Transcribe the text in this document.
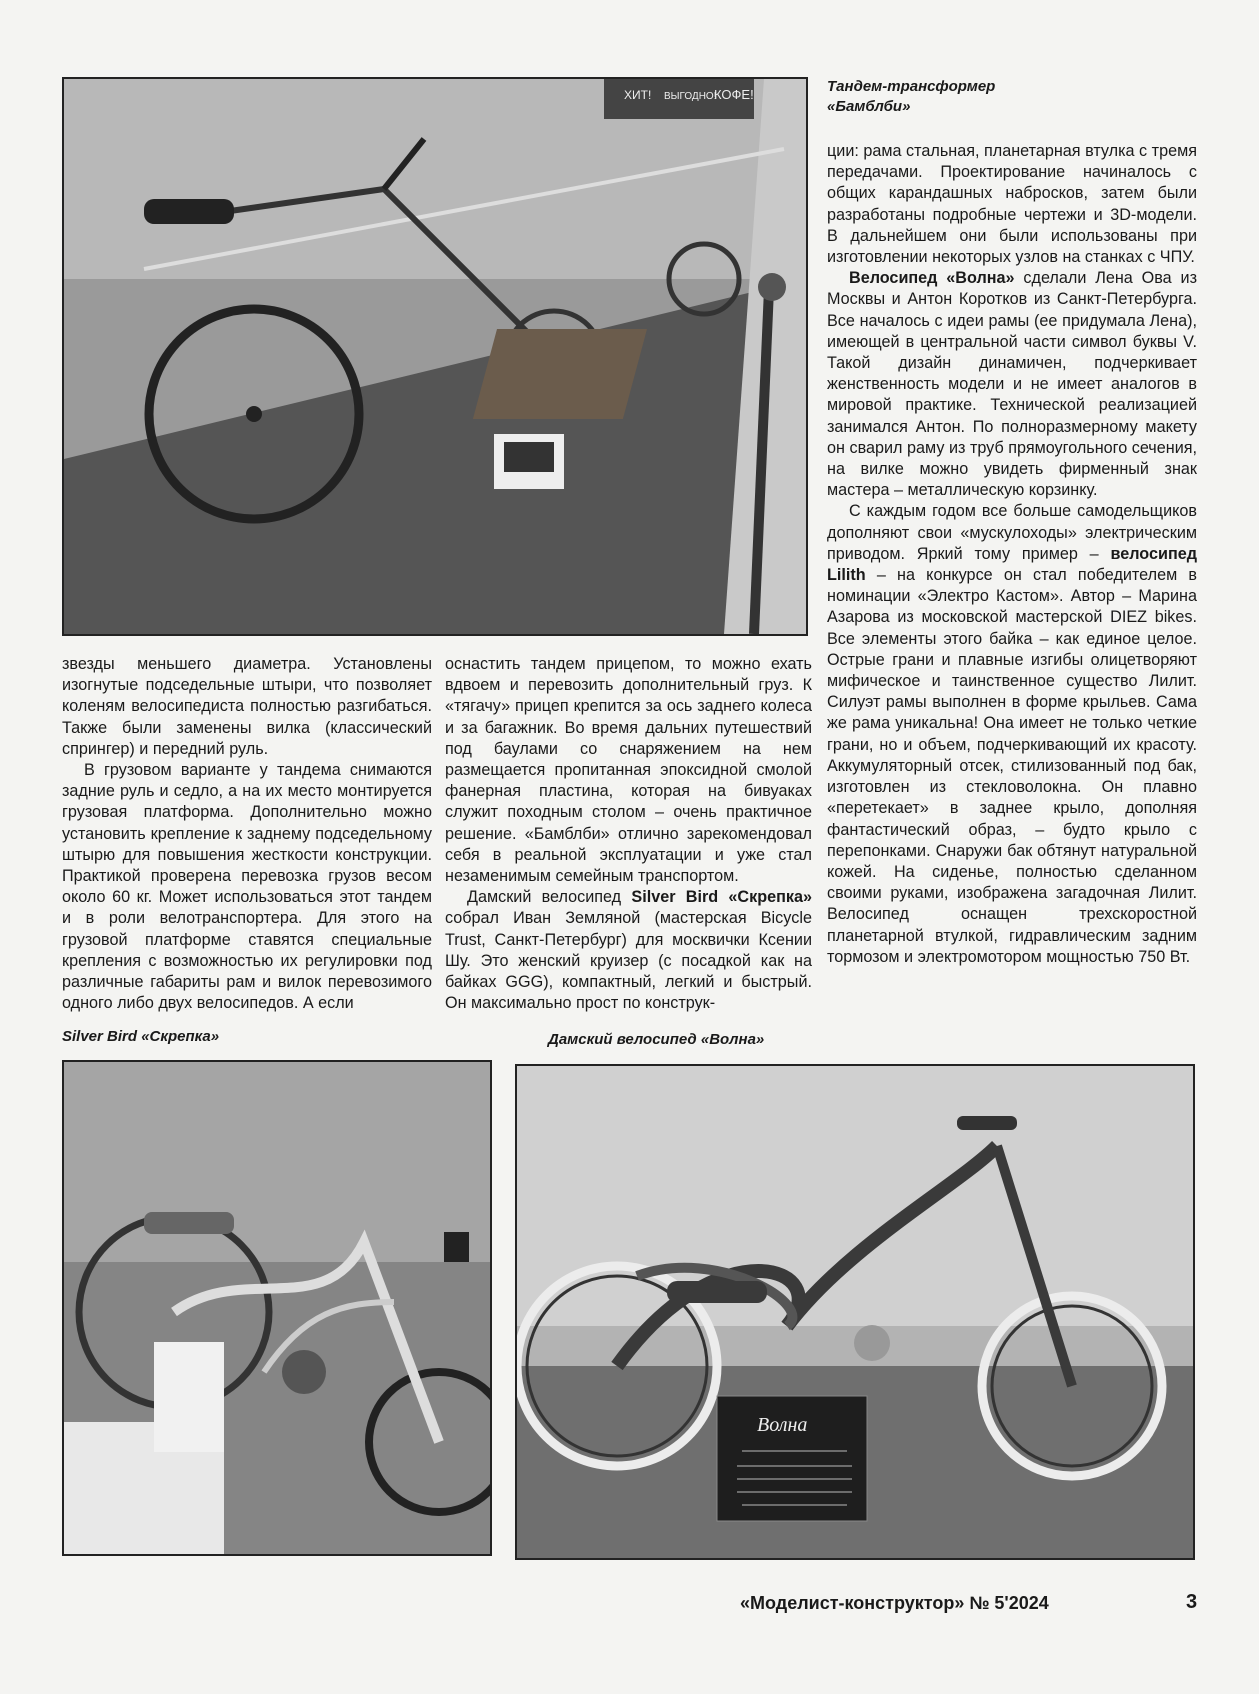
ХИТ! ВЫГОДНО!
КОФЕ!	Тандем-трансформер «Бамблби»

ции: рама стальная, планетарная втулка с тремя передачами. Проектирование начиналось с общих карандашных набросков, затем были разработаны подробные чертежи и 3D-модели. В дальнейшем они были использованы при изготовлении некоторых узлов на станках с ЧПУ.

Велосипед «Волна» сделали Лена Ова из Москвы и Антон Коротков из Санкт-Петербурга. Все началось с идеи рамы (ее придумала Лена), имеющей в центральной части символ буквы V. Такой дизайн динамичен, подчеркивает женственность модели и не имеет аналогов в мировой практике. Технической реализацией занимался Антон. По полноразмерному макету он сварил раму из труб прямоугольного сечения, на вилке можно увидеть фирменный знак мастера – металлическую корзинку.

С каждым годом все больше самодельщиков дополняют свои «мускулоходы» электрическим приводом. Яркий тому пример – велосипед Lilith – на конкурсе он стал победителем в номинации «Электро Кастом». Автор – Марина Азарова из московской мастерской DIEZ bikes. Все элементы этого байка – как единое целое. Острые грани и плавные изгибы олицетворяют мифическое и таинственное существо Лилит. Силуэт рамы выполнен в форме крыльев. Сама же рама уникальна! Она имеет не только четкие грани, но и объем, подчеркивающий их красоту. Аккумуляторный отсек, стилизованный под бак, изготовлен из стекловолокна. Он плавно «перетекает» в заднее крыло, дополняя фантастический образ, – будто крыло с перепонками. Снаружи бак обтянут натуральной кожей. На сиденье, полностью сделанном своими руками, изображена загадочная Лилит. Велосипед оснащен трехскоростной планетарной втулкой, гидравлическим задним тормозом и электромотором мощностью 750 Вт.

звезды меньшего диаметра. Установлены изогнутые подседельные штыри, что позволяет коленям велосипедиста полностью разгибаться. Также были заменены вилка (классический спрингер) и передний руль.

В грузовом варианте у тандема снимаются задние руль и седло, а на их место монтируется грузовая платформа. Дополнительно можно установить крепление к заднему подседельному штырю для повышения жесткости конструкции. Практикой проверена перевозка грузов весом около 60 кг. Может использоваться этот тандем и в роли велотранспортера. Для этого на грузовой платформе ставятся специальные крепления с возможностью их регулировки под различные габариты рам и вилок перевозимого одного либо двух велосипедов. А если

оснастить тандем прицепом, то можно ехать вдвоем и перевозить дополнительный груз. К «тягачу» прицеп крепится за ось заднего колеса и за багажник. Во время дальних путешествий под баулами со снаряжением на нем размещается пропитанная эпоксидной смолой фанерная пластина, которая на бивуаках служит походным столом – очень практичное решение. «Бамблби» отлично зарекомендовал себя в реальной эксплуатации и уже стал незаменимым семейным транспортом.

Дамский велосипед Silver Bird «Скрепка» собрал Иван Земляной (мастерская Bicycle Trust, Санкт-Петербург) для москвички Ксении Шу. Это женский круизер (с посадкой как на байках GGG), компактный, легкий и быстрый. Он максимально прост по конструк-

Silver Bird «Скрепка»	Дамский велосипед «Волна»
Волна
«Моделист-конструктор» № 5'2024	3
